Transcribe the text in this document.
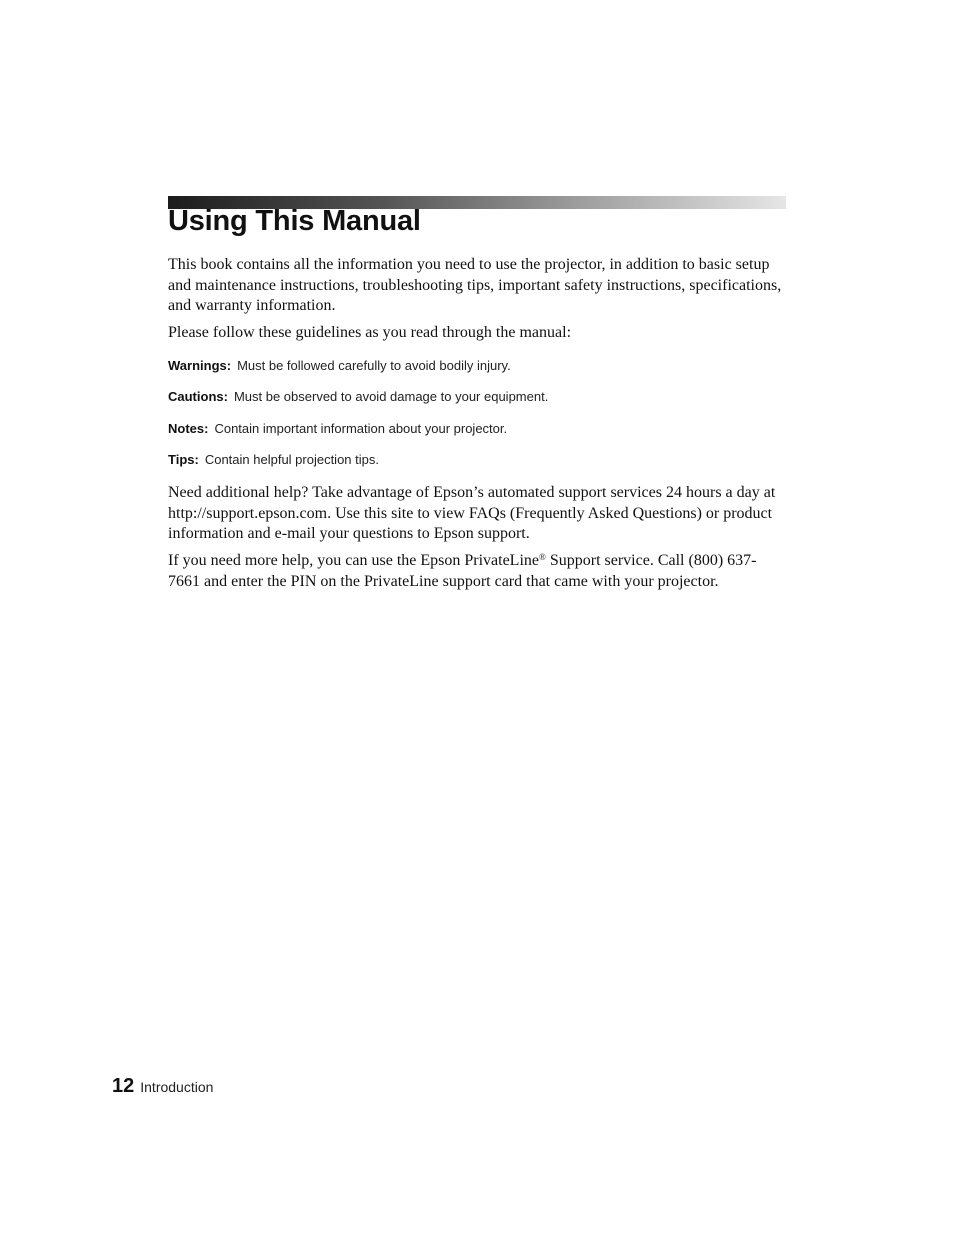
Using This Manual

This book contains all the information you need to use the projector, in addition to basic setup and maintenance instructions, troubleshooting tips, important safety instructions, specifications, and warranty information.

Please follow these guidelines as you read through the manual:

Warnings: Must be followed carefully to avoid bodily injury.

Cautions: Must be observed to avoid damage to your equipment.

Notes: Contain important information about your projector.

Tips: Contain helpful projection tips.

Need additional help? Take advantage of Epson’s automated support services 24 hours a day at http://support.epson.com. Use this site to view FAQs (Frequently Asked Questions) or product information and e-mail your questions to Epson support.

If you need more help, you can use the Epson PrivateLine® Support service. Call (800) 637-7661 and enter the PIN on the PrivateLine support card that came with your projector.

12 Introduction
